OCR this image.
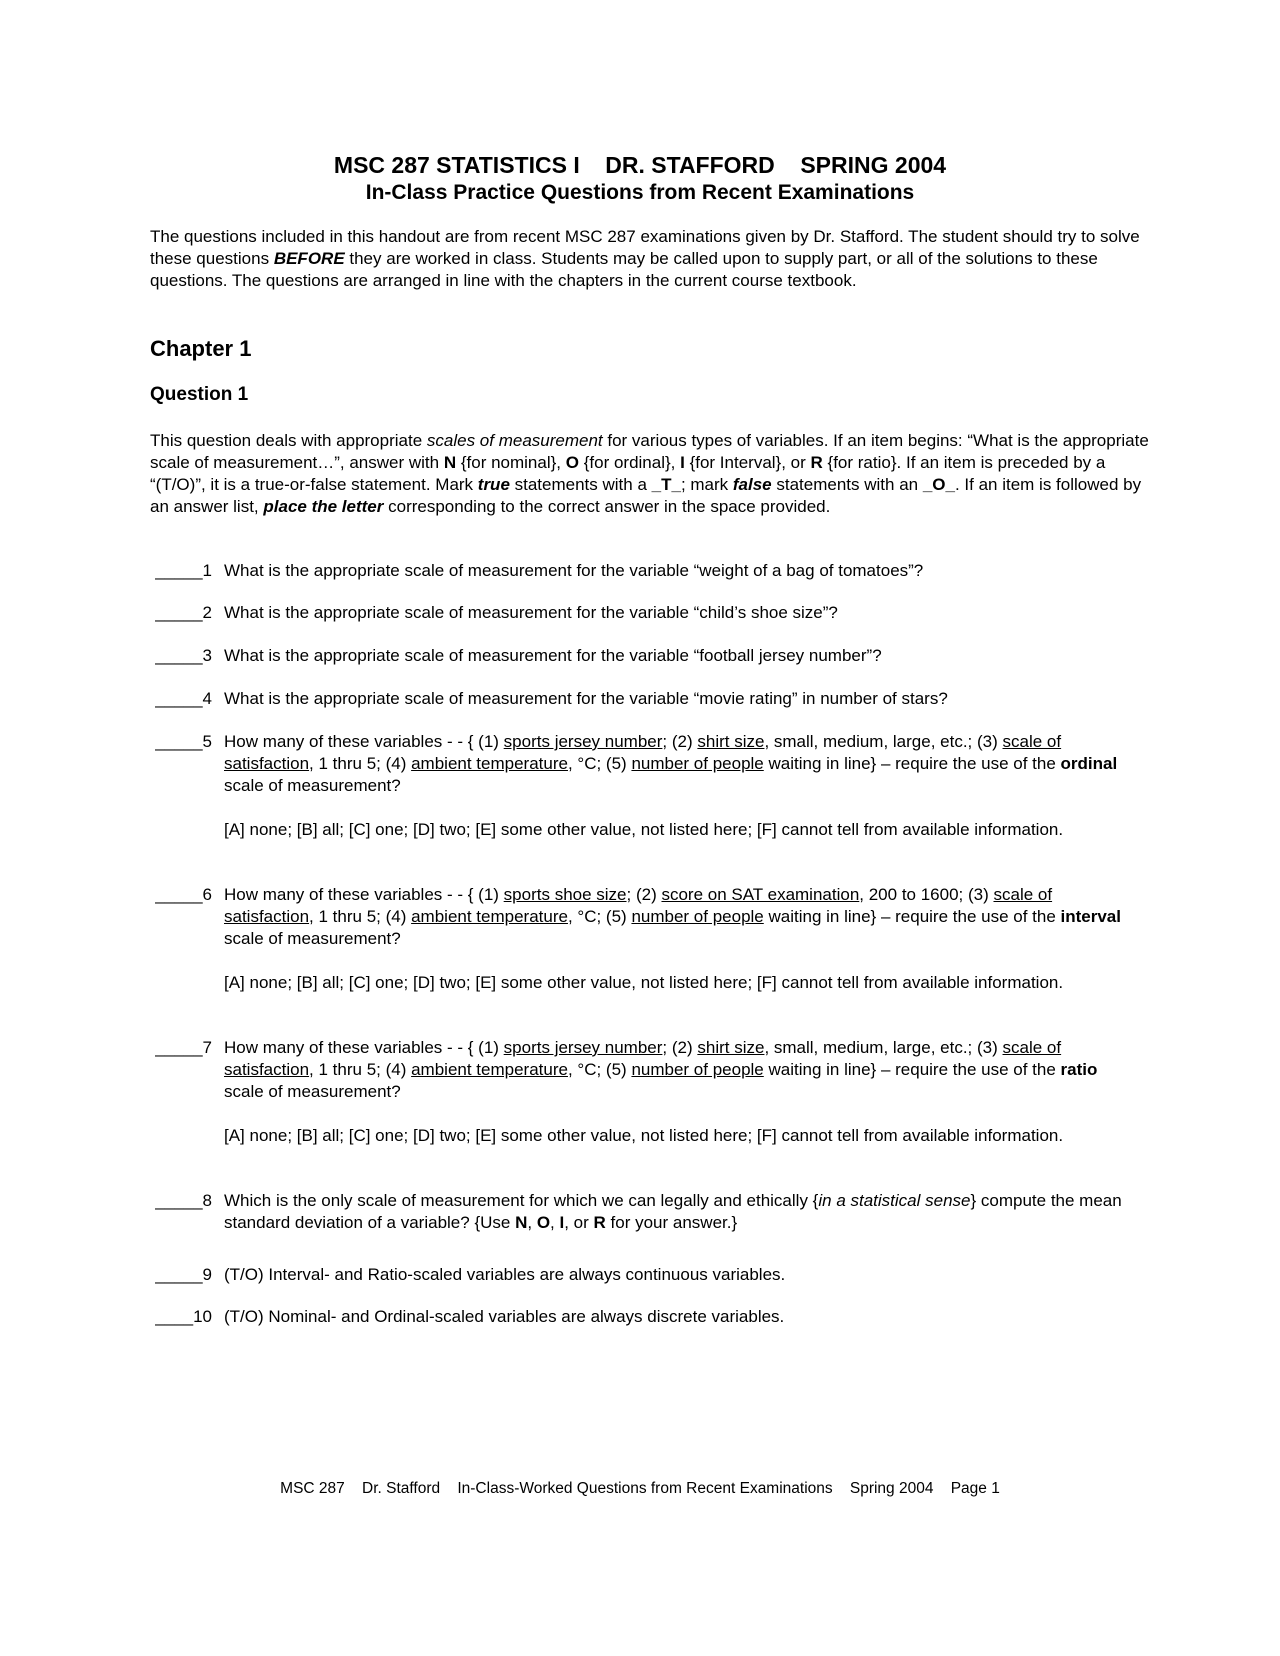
MSC 287 STATISTICS I    DR. STAFFORD    SPRING 2004
In-Class Practice Questions from Recent Examinations
The questions included in this handout are from recent MSC 287 examinations given by Dr. Stafford. The student should try to solve these questions BEFORE they are worked in class. Students may be called upon to supply part, or all of the solutions to these questions. The questions are arranged in line with the chapters in the current course textbook.
Chapter 1
Question 1
This question deals with appropriate scales of measurement for various types of variables. If an item begins: “What is the appropriate scale of measurement…”, answer with N {for nominal}, O {for ordinal}, I {for Interval}, or R {for ratio}. If an item is preceded by a “(T/O)”, it is a true-or-false statement. Mark true statements with a _T_; mark false statements with an _O_. If an item is followed by an answer list, place the letter corresponding to the correct answer in the space provided.
_____1 What is the appropriate scale of measurement for the variable “weight of a bag of tomatoes”?
_____2 What is the appropriate scale of measurement for the variable “child’s shoe size”?
_____3 What is the appropriate scale of measurement for the variable “football jersey number”?
_____4 What is the appropriate scale of measurement for the variable “movie rating” in number of stars?
_____5 How many of these variables - - { (1) sports jersey number; (2) shirt size, small, medium, large, etc.; (3) scale of satisfaction, 1 thru 5; (4) ambient temperature, °C; (5) number of people waiting in line} – require the use of the ordinal scale of measurement?
[A] none; [B] all; [C] one; [D] two; [E] some other value, not listed here; [F] cannot tell from available information.
_____6 How many of these variables - - { (1) sports shoe size; (2) score on SAT examination, 200 to 1600; (3) scale of satisfaction, 1 thru 5; (4) ambient temperature, °C; (5) number of people waiting in line} – require the use of the interval scale of measurement?
[A] none; [B] all; [C] one; [D] two; [E] some other value, not listed here; [F] cannot tell from available information.
_____7 How many of these variables - - { (1) sports jersey number; (2) shirt size, small, medium, large, etc.; (3) scale of satisfaction, 1 thru 5; (4) ambient temperature, °C; (5) number of people waiting in line} – require the use of the ratio scale of measurement?
[A] none; [B] all; [C] one; [D] two; [E] some other value, not listed here; [F] cannot tell from available information.
_____8 Which is the only scale of measurement for which we can legally and ethically {in a statistical sense} compute the mean standard deviation of a variable? {Use N, O, I, or R for your answer.}
_____9 (T/O) Interval- and Ratio-scaled variables are always continuous variables.
____10 (T/O) Nominal- and Ordinal-scaled variables are always discrete variables.
MSC 287    Dr. Stafford    In-Class-Worked Questions from Recent Examinations    Spring 2004    Page 1
